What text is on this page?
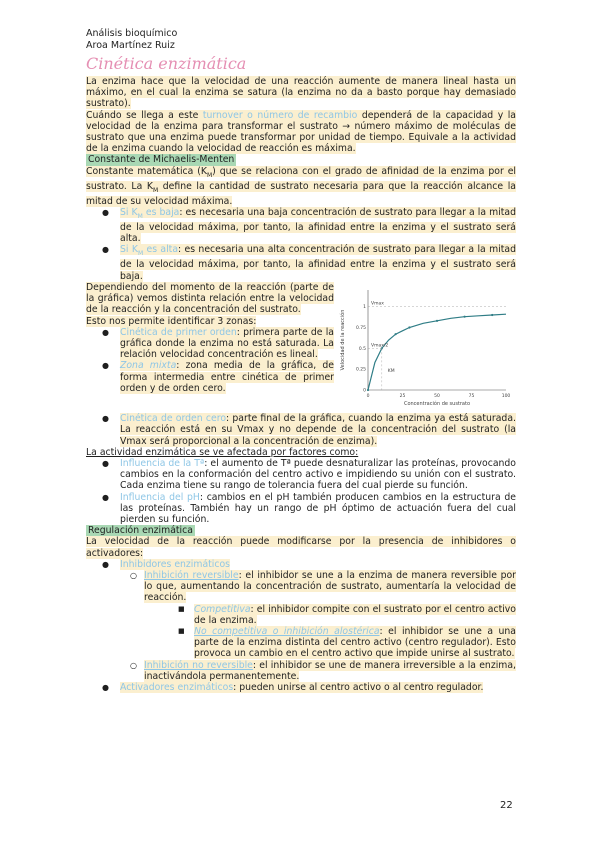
Análisis bioquímico
Aroa Martínez Ruiz
Cinética enzimática

La enzima hace que la velocidad de una reacción aumente de manera lineal hasta un máximo, en el cual la enzima se satura (la enzima no da a basto porque hay demasiado sustrato).

Cuándo se llega a este turnover o número de recambio dependerá de la capacidad y la velocidad de la enzima para transformar el sustrato → número máximo de moléculas de sustrato que una enzima puede transformar por unidad de tiempo. Equivale a la actividad de la enzima cuando la velocidad de reacción es máxima.

Constante de Michaelis-Menten

Constante matemática $(K_M)$ que se relaciona con el grado de afinidad de la enzima por el sustrato. La $K_M$ define la cantidad de sustrato necesaria para que la reacción alcance la mitad de su velocidad máxima.

● Si $K_M$ es baja: es necesaria una baja concentración de sustrato para llegar a la mitad de la velocidad máxima, por tanto, la afinidad entre la enzima y el sustrato será alta.
● Si $K_M$ es alta: es necesaria una alta concentración de sustrato para llegar a la mitad de la velocidad máxima, por tanto, la afinidad entre la enzima y el sustrato será baja.

Dependiendo del momento de la reacción (parte de la gráfica) vemos distinta relación entre la velocidad de la reacción y la concentración del sustrato.

Esto nos permite identificar 3 zonas:

● Cinética de primer orden: primera parte de la gráfica donde la enzima no está saturada. La relación velocidad concentración es lineal.
● Zona mixta: zona media de la gráfica, de forma intermedia entre cinética de primer orden y de orden cero.
0	25	50	75	100
0
0.25
0.5
0.75
1
Concentración de sustrato
Velocidad de la reacción
Vmax
Vmax/2
KM
● Cinética de orden cero: parte final de la gráfica, cuando la enzima ya está saturada. La reacción está en su Vmax y no depende de la concentración del sustrato (la Vmax será proporcional a la concentración de enzima).

La actividad enzimática se ve afectada por factores como:

● Influencia de la Tª: el aumento de Tª puede desnaturalizar las proteínas, provocando cambios en la conformación del centro activo e impidiendo su unión con el sustrato. Cada enzima tiene su rango de tolerancia fuera del cual pierde su función.
● Influencia del pH: cambios en el pH también producen cambios en la estructura de las proteínas. También hay un rango de pH óptimo de actuación fuera del cual pierden su función.
Regulación enzimática

La velocidad de la reacción puede modificarse por la presencia de inhibidores o activadores:

● Inhibidores enzimáticos
○ Inhibición reversible: el inhibidor se une a la enzima de manera reversible por lo que, aumentando la concentración de sustrato, aumentaría la velocidad de reacción.
■ Competitiva: el inhibidor compite con el sustrato por el centro activo de la enzima.
■ No competitiva o inhibición alostérica: el inhibidor se une a una parte de la enzima distinta del centro activo (centro regulador). Esto provoca un cambio en el centro activo que impide unirse al sustrato.
○ Inhibición no reversible: el inhibidor se une de manera irreversible a la enzima, inactivándola permanentemente.
● Activadores enzimáticos: pueden unirse al centro activo o al centro regulador.
22
